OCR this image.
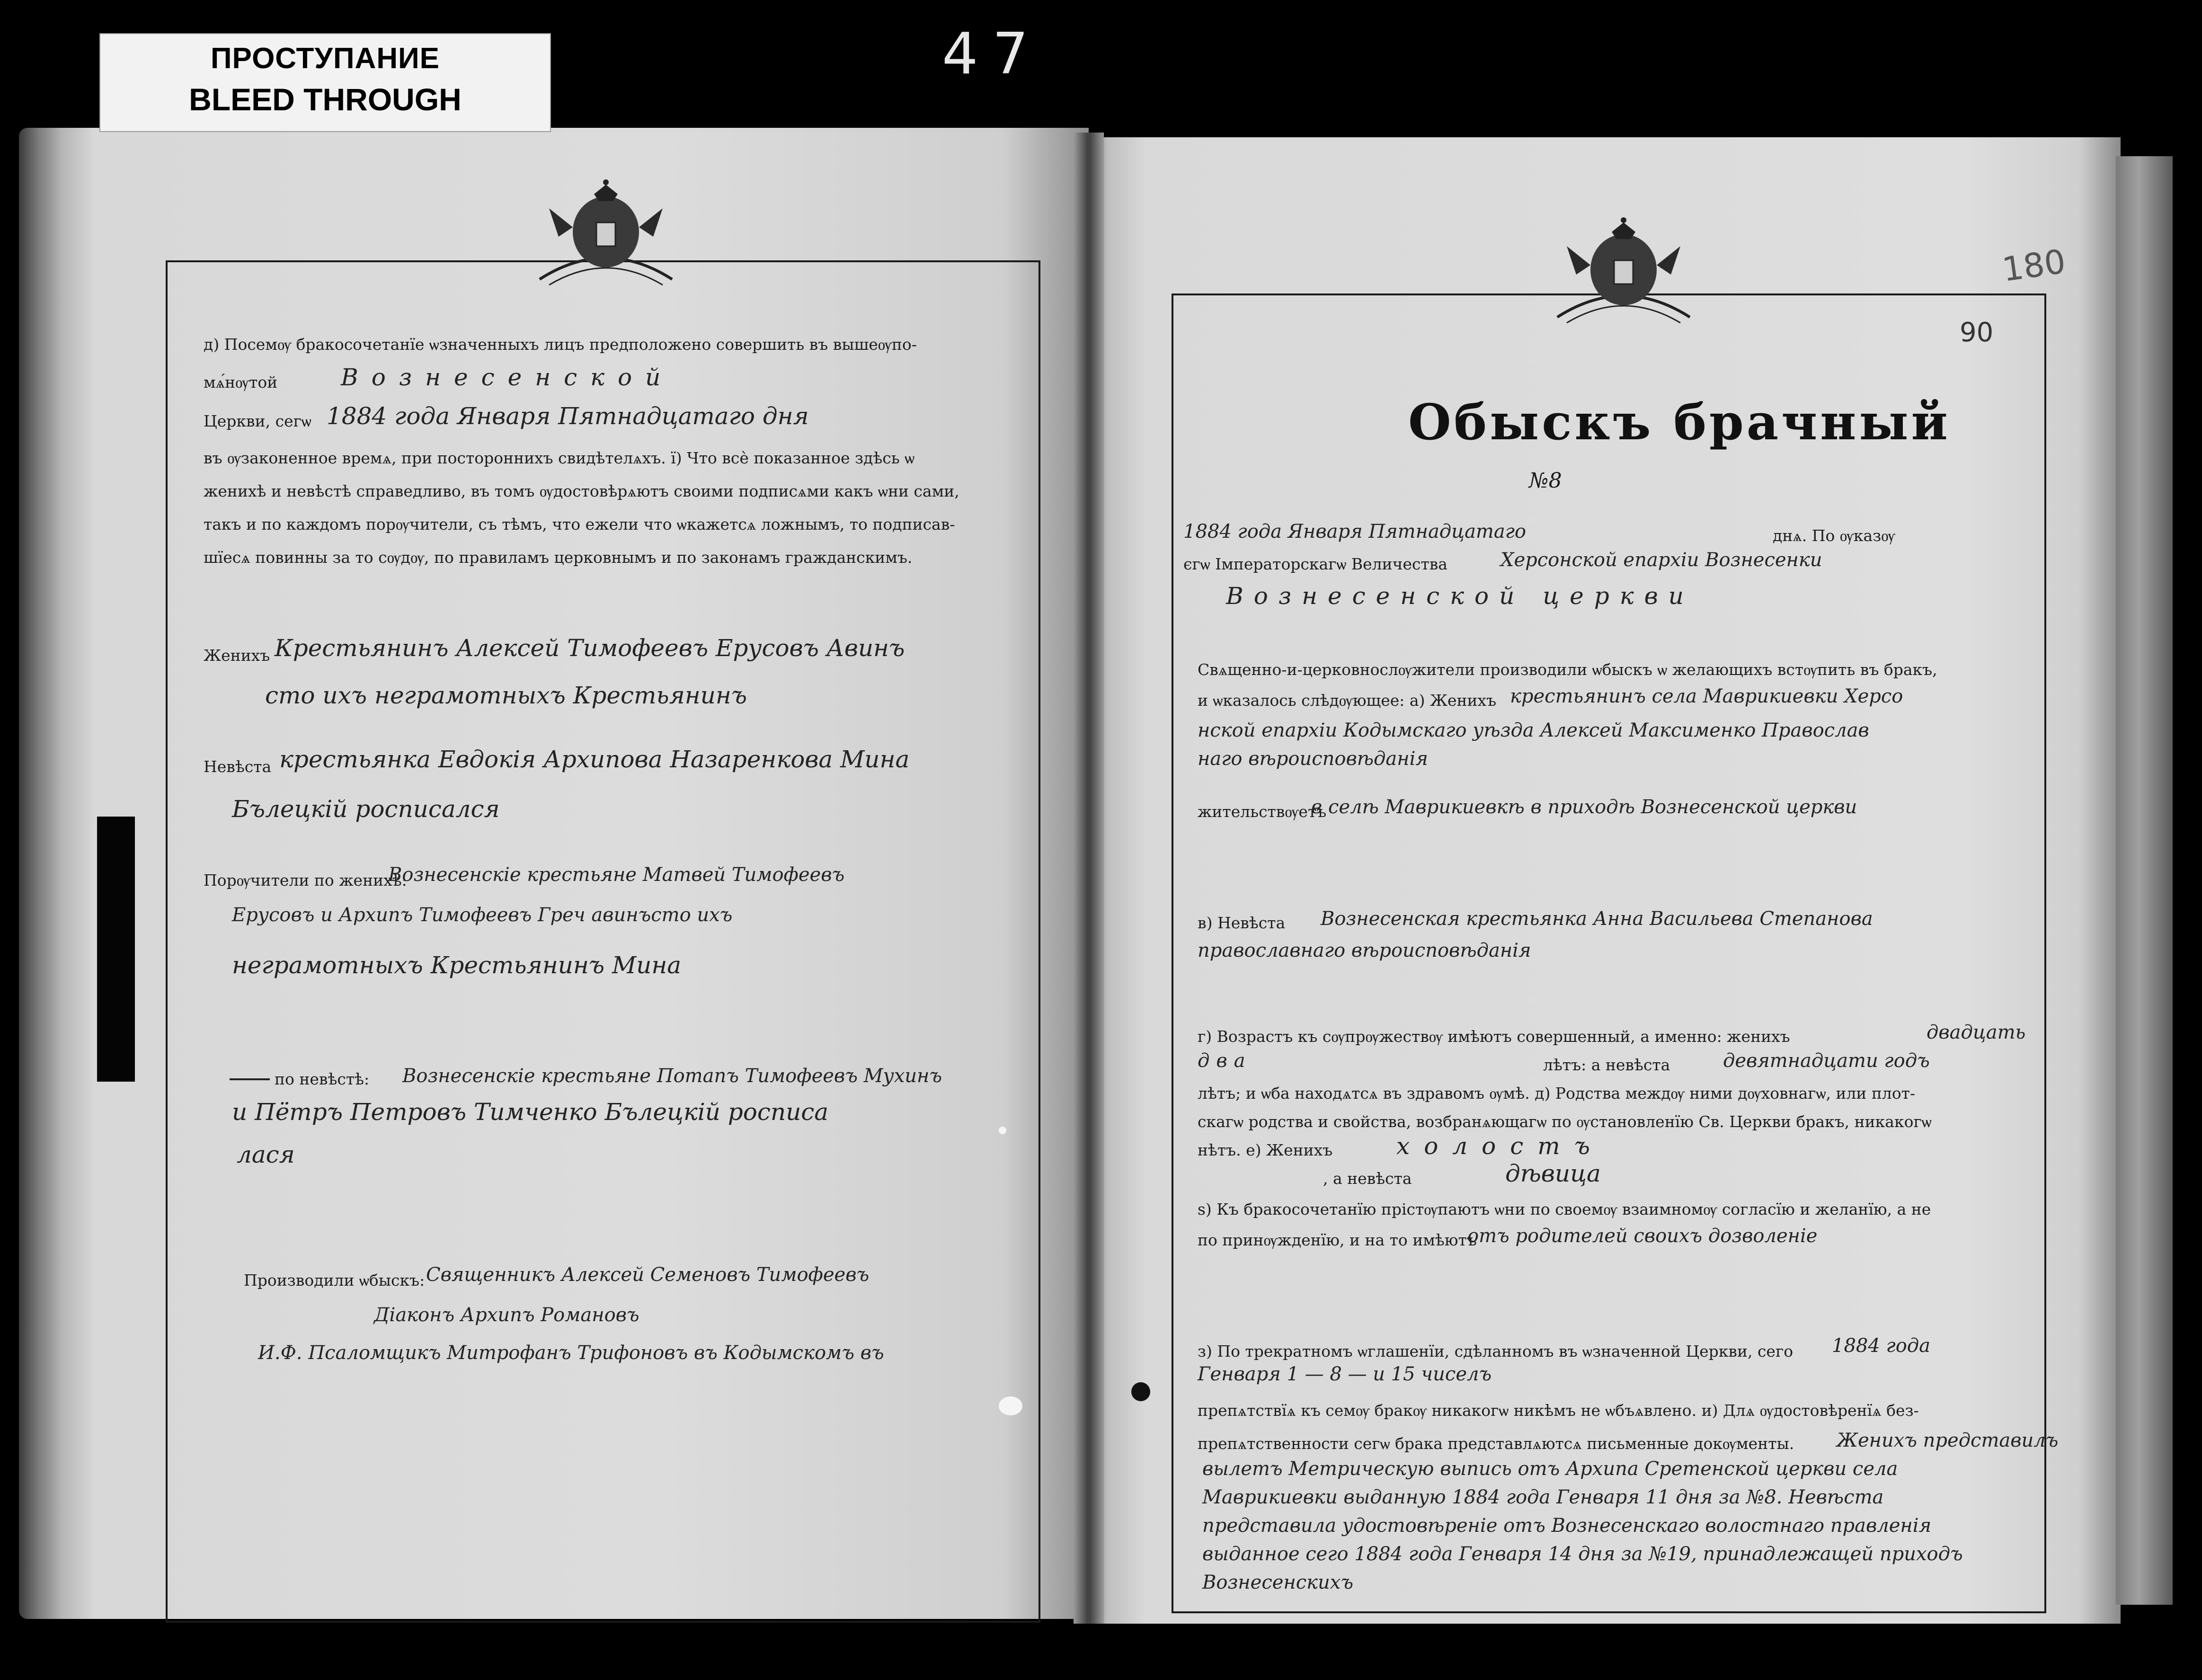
ПРОСТУПАНИЕ
BLEED THROUGH
47
д) Посемѹ бракосочетанїе ѡзначенныхъ лицъ предположено совершить въ вышеѹпо-
мѧ́нѹтой	Вознесенской
Церкви, сегѡ 1884 года Января Пятнадцатаго дня
въ ѹзаконенное времѧ, при постороннихъ свидѣтелѧхъ. ї) Что всѐ показанное здѣсь ѡ
женихѣ и невѣстѣ справедливо, въ томъ ѹдостовѣрѧютъ своими подписѧми какъ ѡни сами,
такъ и по каждомъ порѹчители, съ тѣмъ, что ежели что ѡкажетсѧ ложнымъ, то подписав-
шїесѧ повинны за то сѹдѹ, по правиламъ церковнымъ и по законамъ гражданскимъ.
Женихъ Крестьянинъ Алексей Тимофеевъ Ерусовъ Авинъ
сто ихъ неграмотныхъ Крестьянинъ
Невѣста крестьянка Евдокія Архипова Назаренкова Мина
Бълецкій росписался
Порѹчители по женихѣ:
Вознесенскіе крестьяне Матвей Тимофеевъ
Ерусовъ и Архипъ Тимофеевъ Греч авинъсто ихъ
неграмотныхъ Крестьянинъ Мина
по невѣстѣ: Вознесенскіе крестьяне Потапъ Тимофеевъ Мухинъ
и Пётръ Петровъ Тимченко Бълецкій росписа
лася
Производили ѡбыскъ: Священникъ Алексей Семеновъ Тимофеевъ
Діаконъ Архипъ Романовъ
И.Ф. Псаломщикъ Митрофанъ Трифоновъ въ Кодымскомъ въ
180
90
Обыскъ брачный
№8
1884 года Января Пятнадцатаго	днѧ. По ѹказѹ
єгѡ Імператорскагѡ Величества	Херсонской епархіи Вознесенки
Вознесенской церкви
Свѧщенно-и-церковнослѹжители производили ѡбыскъ ѡ желающихъ встѹпить въ бракъ,
и ѡказалось слѣдѹющее: а) Женихъ крестьянинъ села Маврикиевки Херсо
нской епархіи Кодымскаго уѣзда Алексей Максименко Православ
наго вѣроисповѣданія
жительствѹетъ
в селѣ Маврикиевкѣ в приходѣ Вознесенской церкви
в) Невѣста Вознесенская крестьянка Анна Васильева Степанова
православнаго вѣроисповѣданія
г) Возрастъ къ сѹпрѹжествѹ имѣютъ совершенный, а именно: женихъ	двадцать
два	лѣтъ: а невѣста	девятнадцати годъ
лѣтъ; и ѡба находѧтсѧ въ здравомъ ѹмѣ. д) Родства междѹ ними дѹховнагѡ, или плот-
скагѡ родства и свойства, возбранѧющагѡ по ѹстановленїю Св. Церкви бракъ, никакогѡ
нѣтъ. е) Женихъ	холостъ
, а невѣста	дѣвица
ѕ) Къ бракосочетанїю прістѹпаютъ ѡни по своемѹ взаимномѹ согласїю и желанїю, а не
по принѹжденїю, и на то имѣютъ
отъ родителей своихъ дозволеніе
з) По трекратномъ ѡглашенїи, сдѣланномъ въ ѡзначенной Церкви, сего 1884 года
Генваря 1 — 8 — и 15 чиселъ
препѧтствїѧ къ семѹ бракѹ никакогѡ никѣмъ не ѡбъѧвлено. и) Длѧ ѹдостовѣренїѧ без-
препѧтственности сегѡ брака представлѧютсѧ письменные докѹменты. Женихъ представилъ
вылетъ Метрическую выпись отъ Архипа Сретенской церкви села
Маврикиевки выданную 1884 года Генваря 11 дня за №8. Невѣста
представила удостовѣреніе отъ Вознесенскаго волостнаго правленія
выданное сего 1884 года Генваря 14 дня за №19, принадлежащей приходъ
Вознесенскихъ
